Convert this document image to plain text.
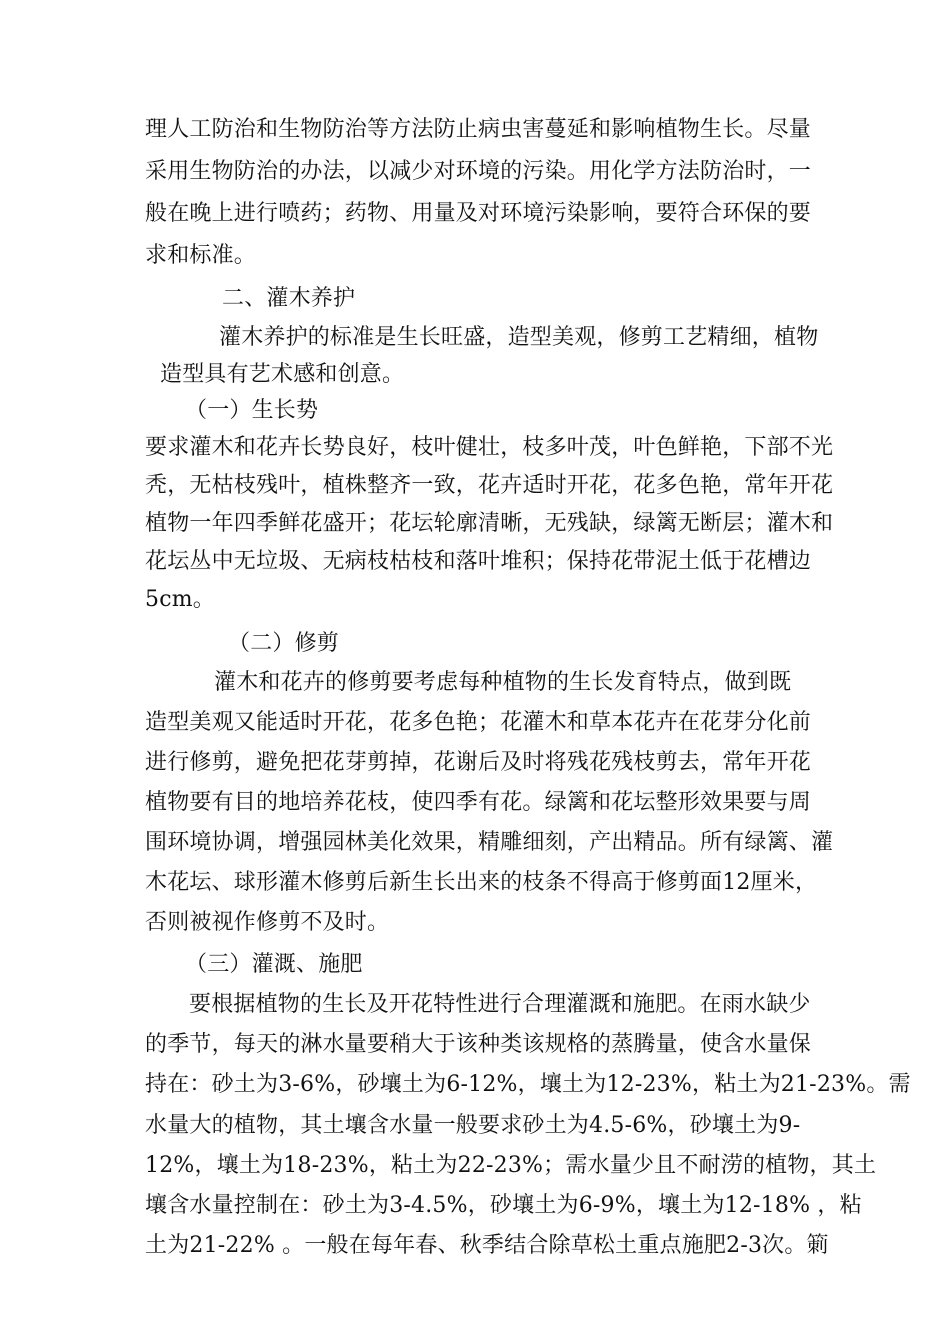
理人工防治和生物防治等方法防止病虫害蔓延和影响植物生长。尽量
采用生物防治的办法，以减少对环境的污染。用化学方法防治时，一
般在晚上进行喷药；药物、用量及对环境污染影响，要符合环保的要
求和标准。
二、灌木养护
灌木养护的标准是生长旺盛，造型美观，修剪工艺精细，植物
造型具有艺术感和创意。
（一）生长势
要求灌木和花卉长势良好，枝叶健壮，枝多叶茂，叶色鲜艳，下部不光
秃，无枯枝残叶，植株整齐一致，花卉适时开花，花多色艳，常年开花
植物一年四季鲜花盛开；花坛轮廓清晰，无残缺，绿篱无断层；灌木和
花坛丛中无垃圾、无病枝枯枝和落叶堆积；保持花带泥土低于花槽边
5cm。
（二）修剪
灌木和花卉的修剪要考虑每种植物的生长发育特点，做到既
造型美观又能适时开花，花多色艳；花灌木和草本花卉在花芽分化前
进行修剪，避免把花芽剪掉，花谢后及时将残花残枝剪去，常年开花
植物要有目的地培养花枝，使四季有花。绿篱和花坛整形效果要与周
围环境协调，增强园林美化效果，精雕细刻，产出精品。所有绿篱、灌
木花坛、球形灌木修剪后新生长出来的枝条不得高于修剪面12厘米，
否则被视作修剪不及时。
（三）灌溉、施肥
要根据植物的生长及开花特性进行合理灌溉和施肥。在雨水缺少
的季节，每天的淋水量要稍大于该种类该规格的蒸腾量，使含水量保
持在：砂土为3-6%，砂壤土为6-12%，壤土为12-23%，粘土为21-23%。需
水量大的植物，其土壤含水量一般要求砂土为4.5-6%，砂壤土为9-
12%，壤土为18-23%，粘土为22-23%；需水量少且不耐涝的植物，其土
壤含水量控制在：砂土为3-4.5%，砂壤土为6-9%，壤土为12-18% ，粘
土为21-22% 。一般在每年春、秋季结合除草松土重点施肥2-3次。箣
